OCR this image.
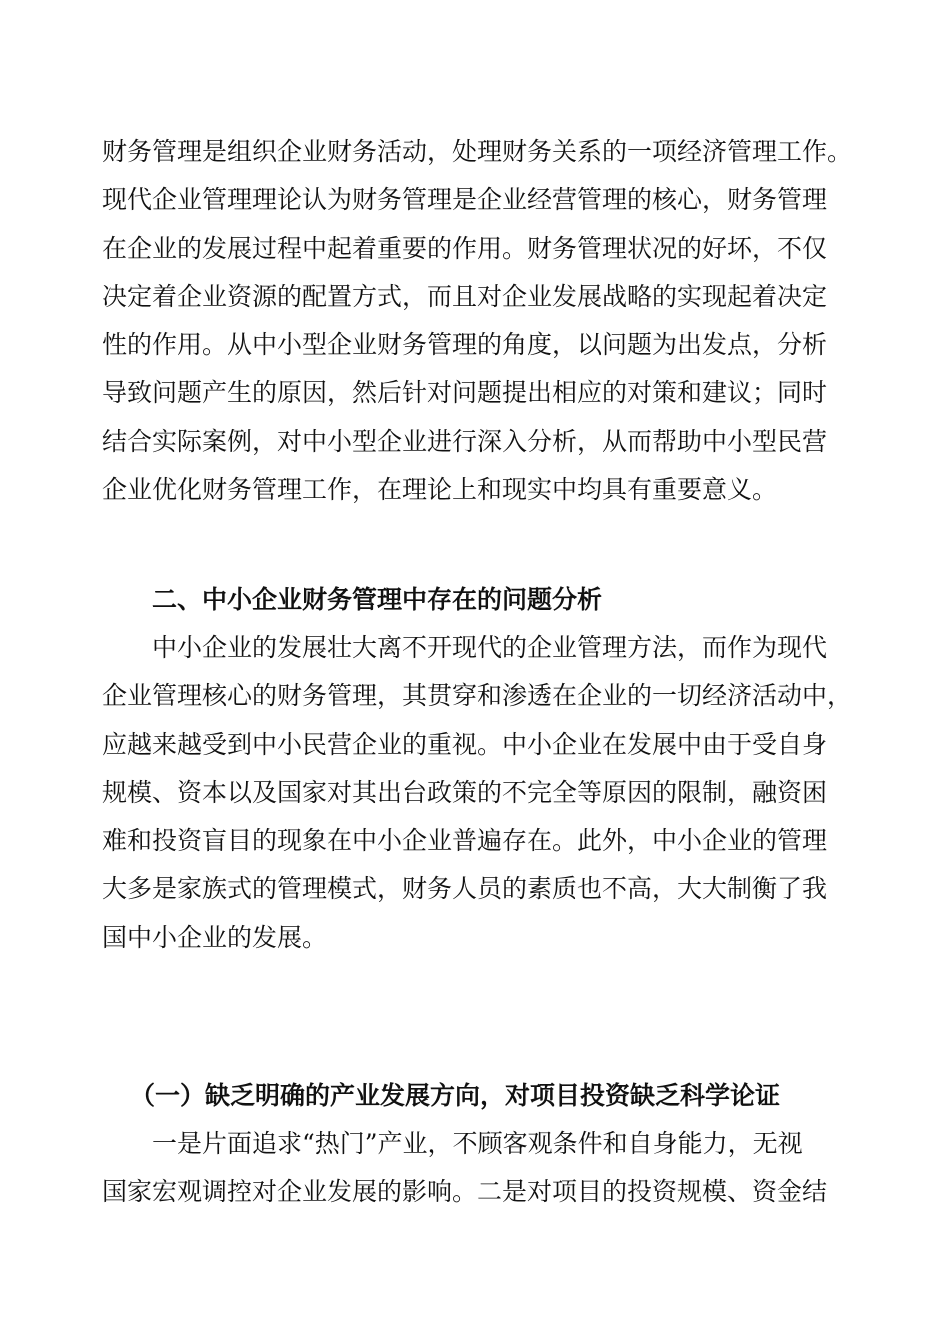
财务管理是组织企业财务活动，处理财务关系的一项经济管理工作。
现代企业管理理论认为财务管理是企业经营管理的核心，财务管理
在企业的发展过程中起着重要的作用。财务管理状况的好坏，不仅
决定着企业资源的配置方式，而且对企业发展战略的实现起着决定
性的作用。从中小型企业财务管理的角度，以问题为出发点，分析
导致问题产生的原因，然后针对问题提出相应的对策和建议；同时
结合实际案例，对中小型企业进行深入分析，从而帮助中小型民营
企业优化财务管理工作，在理论上和现实中均具有重要意义。

二、中小企业财务管理中存在的问题分析

中小企业的发展壮大离不开现代的企业管理方法，而作为现代
企业管理核心的财务管理，其贯穿和渗透在企业的一切经济活动中，
应越来越受到中小民营企业的重视。中小企业在发展中由于受自身
规模、资本以及国家对其出台政策的不完全等原因的限制，融资困
难和投资盲目的现象在中小企业普遍存在。此外，中小企业的管理
大多是家族式的管理模式，财务人员的素质也不高，大大制衡了我
国中小企业的发展。

（一）缺乏明确的产业发展方向，对项目投资缺乏科学论证

一是片面追求“热门”产业，不顾客观条件和自身能力，无视
国家宏观调控对企业发展的影响。二是对项目的投资规模、资金结
